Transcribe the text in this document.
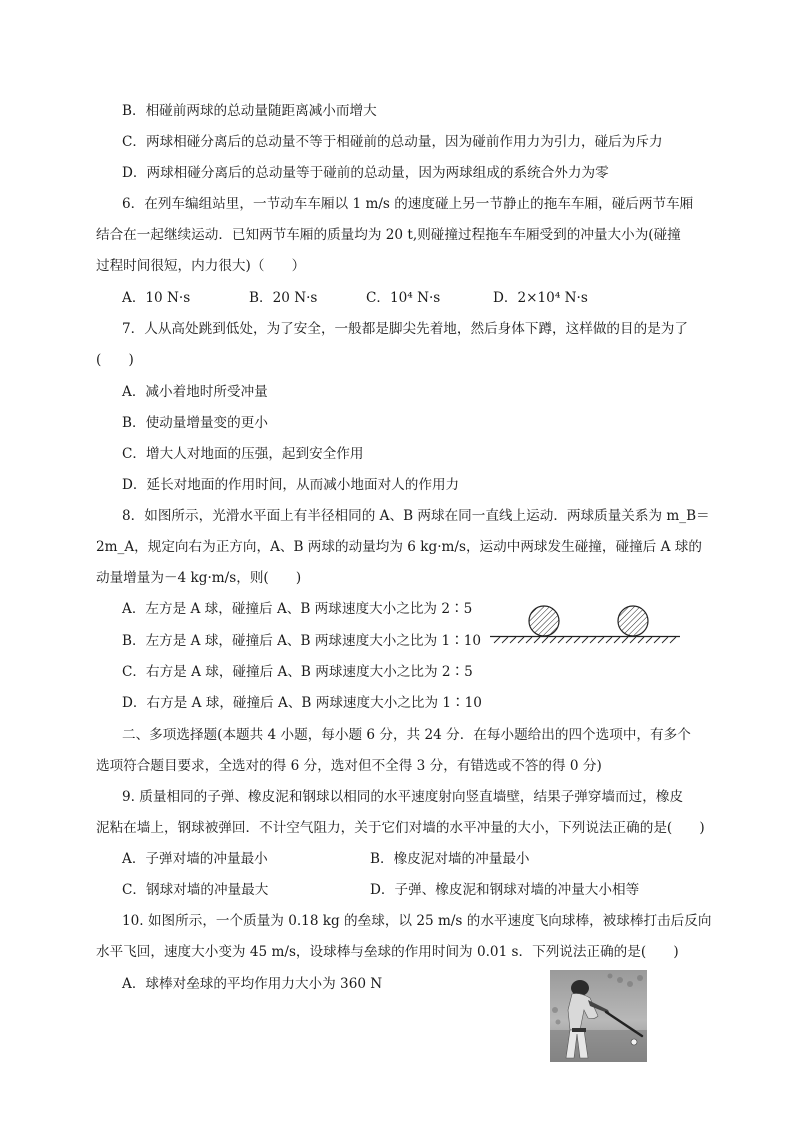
B．相碰前两球的总动量随距离减小而增大
C．两球相碰分离后的总动量不等于相碰前的总动量，因为碰前作用力为引力，碰后为斥力
D．两球相碰分离后的总动量等于碰前的总动量，因为两球组成的系统合外力为零
6．在列车编组站里，一节动车车厢以 1 m/s 的速度碰上另一节静止的拖车车厢，碰后两节车厢
结合在一起继续运动．已知两节车厢的质量均为 20 t,则碰撞过程拖车车厢受到的冲量大小为(碰撞
过程时间很短，内力很大)（　　）
A．10 N·s	B．20 N·s	C．10⁴ N·s	D．2×10⁴ N·s
7．人从高处跳到低处，为了安全，一般都是脚尖先着地，然后身体下蹲，这样做的目的是为了
(　　)
A．减小着地时所受冲量
B．使动量增量变的更小
C．增大人对地面的压强，起到安全作用
D．延长对地面的作用时间，从而减小地面对人的作用力
8．如图所示，光滑水平面上有半径相同的 A、B 两球在同一直线上运动．两球质量关系为 m_B＝
2m_A，规定向右为正方向，A、B 两球的动量均为 6 kg·m/s，运动中两球发生碰撞，碰撞后 A 球的
动量增量为－4 kg·m/s，则(　　)
A．左方是 A 球，碰撞后 A、B 两球速度大小之比为 2∶5
B．左方是 A 球，碰撞后 A、B 两球速度大小之比为 1∶10
C．右方是 A 球，碰撞后 A、B 两球速度大小之比为 2∶5
D．右方是 A 球，碰撞后 A、B 两球速度大小之比为 1∶10
二、多项选择题(本题共 4 小题，每小题 6 分，共 24 分．在每小题给出的四个选项中，有多个
选项符合题目要求，全选对的得 6 分，选对但不全得 3 分，有错选或不答的得 0 分)
9. 质量相同的子弹、橡皮泥和钢球以相同的水平速度射向竖直墙壁，结果子弹穿墙而过，橡皮
泥粘在墙上，钢球被弹回．不计空气阻力，关于它们对墙的水平冲量的大小，下列说法正确的是(　　)
A．子弹对墙的冲量最小	B．橡皮泥对墙的冲量最小
C．钢球对墙的冲量最大	D．子弹、橡皮泥和钢球对墙的冲量大小相等
10. 如图所示，一个质量为 0.18 kg 的垒球，以 25 m/s 的水平速度飞向球棒，被球棒打击后反向
水平飞回，速度大小变为 45 m/s，设球棒与垒球的作用时间为 0.01 s．下列说法正确的是(　　)
A．球棒对垒球的平均作用力大小为 360 N
